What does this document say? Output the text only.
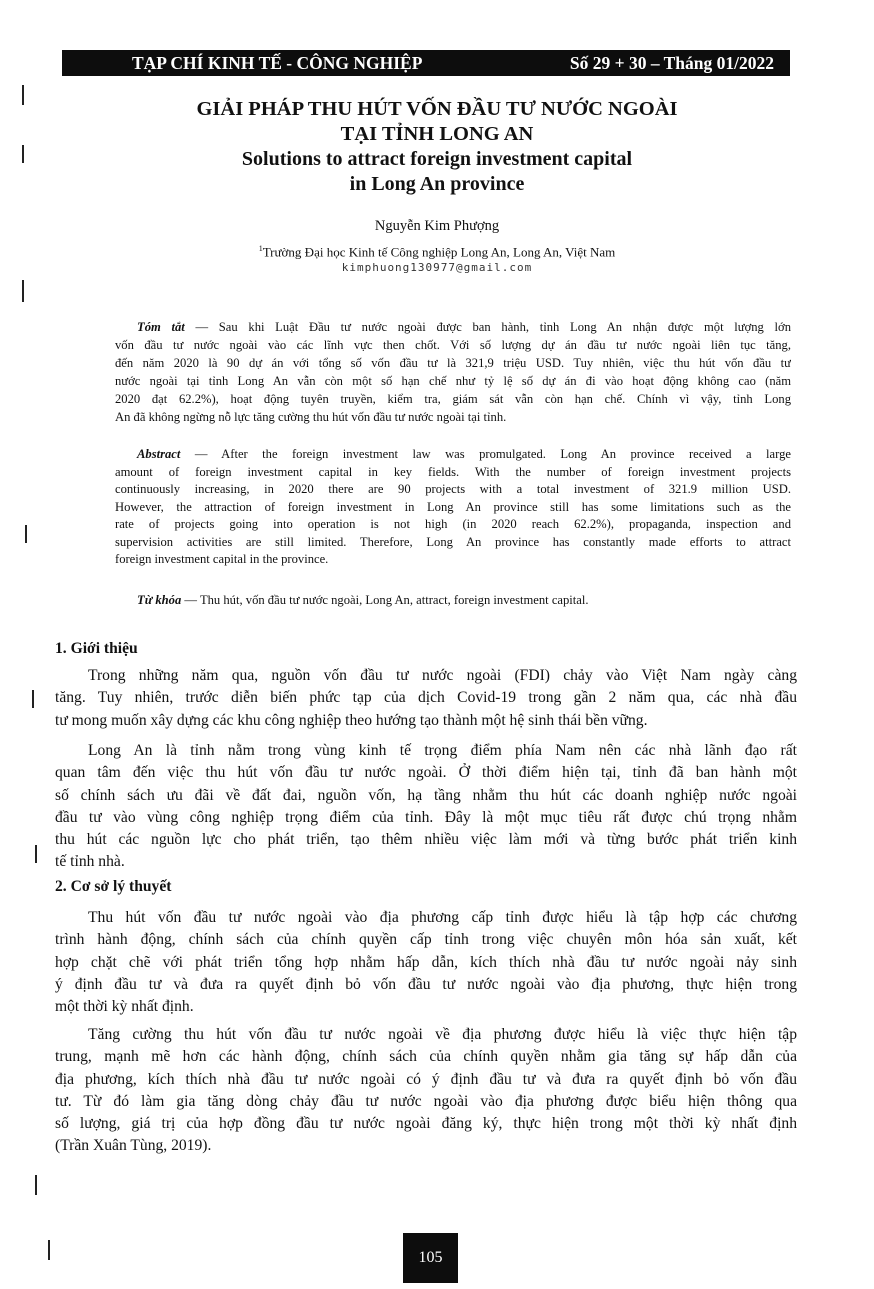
TẠP CHÍ KINH TẾ - CÔNG NGHIỆP	Số 29 + 30 – Tháng 01/2022
GIẢI PHÁP THU HÚT VỐN ĐẦU TƯ NƯỚC NGOÀI
TẠI TỈNH LONG AN
Solutions to attract foreign investment capital
in Long An province
Nguyễn Kim Phượng
$^1$Trường Đại học Kinh tế Công nghiệp Long An, Long An, Việt Nam
kimphuong130977@gmail.com
Tóm tắt — Sau khi Luật Đầu tư nước ngoài được ban hành, tỉnh Long An nhận được một lượng lớn
vốn đầu tư nước ngoài vào các lĩnh vực then chốt. Với số lượng dự án đầu tư nước ngoài liên tục tăng,
đến năm 2020 là 90 dự án với tổng số vốn đầu tư là 321,9 triệu USD. Tuy nhiên, việc thu hút vốn đầu tư
nước ngoài tại tỉnh Long An vẫn còn một số hạn chế như tỷ lệ số dự án đi vào hoạt động không cao (năm
2020 đạt 62.2%), hoạt động tuyên truyền, kiểm tra, giám sát vẫn còn hạn chế. Chính vì vậy, tỉnh Long
An đã không ngừng nỗ lực tăng cường thu hút vốn đầu tư nước ngoài tại tỉnh.
Abstract — After the foreign investment law was promulgated. Long An province received a large
amount of foreign investment capital in key fields. With the number of foreign investment projects
continuously increasing, in 2020 there are 90 projects with a total investment of 321.9 million USD.
However, the attraction of foreign investment in Long An province still has some limitations such as the
rate of projects going into operation is not high (in 2020 reach 62.2%), propaganda, inspection and
supervision activities are still limited. Therefore, Long An province has constantly made efforts to attract
foreign investment capital in the province.
Từ khóa — Thu hút, vốn đầu tư nước ngoài, Long An, attract, foreign investment capital.
1. Giới thiệu
Trong những năm qua, nguồn vốn đầu tư nước ngoài (FDI) chảy vào Việt Nam ngày càng
tăng. Tuy nhiên, trước diễn biến phức tạp của dịch Covid-19 trong gần 2 năm qua, các nhà đầu
tư mong muốn xây dựng các khu công nghiệp theo hướng tạo thành một hệ sinh thái bền vững.
Long An là tỉnh nằm trong vùng kinh tế trọng điểm phía Nam nên các nhà lãnh đạo rất
quan tâm đến việc thu hút vốn đầu tư nước ngoài. Ở thời điểm hiện tại, tỉnh đã ban hành một
số chính sách ưu đãi về đất đai, nguồn vốn, hạ tầng nhằm thu hút các doanh nghiệp nước ngoài
đầu tư vào vùng công nghiệp trọng điểm của tỉnh. Đây là một mục tiêu rất được chú trọng nhằm
thu hút các nguồn lực cho phát triển, tạo thêm nhiều việc làm mới và từng bước phát triển kinh
tế tỉnh nhà.
2. Cơ sở lý thuyết
Thu hút vốn đầu tư nước ngoài vào địa phương cấp tỉnh được hiểu là tập hợp các chương
trình hành động, chính sách của chính quyền cấp tỉnh trong việc chuyên môn hóa sản xuất, kết
hợp chặt chẽ với phát triển tổng hợp nhằm hấp dẫn, kích thích nhà đầu tư nước ngoài nảy sinh
ý định đầu tư và đưa ra quyết định bỏ vốn đầu tư nước ngoài vào địa phương, thực hiện trong
một thời kỳ nhất định.
Tăng cường thu hút vốn đầu tư nước ngoài về địa phương được hiểu là việc thực hiện tập
trung, mạnh mẽ hơn các hành động, chính sách của chính quyền nhằm gia tăng sự hấp dẫn của
địa phương, kích thích nhà đầu tư nước ngoài có ý định đầu tư và đưa ra quyết định bỏ vốn đầu
tư. Từ đó làm gia tăng dòng chảy đầu tư nước ngoài vào địa phương được biểu hiện thông qua
số lượng, giá trị của hợp đồng đầu tư nước ngoài đăng ký, thực hiện trong một thời kỳ nhất định
(Trần Xuân Tùng, 2019).
105
